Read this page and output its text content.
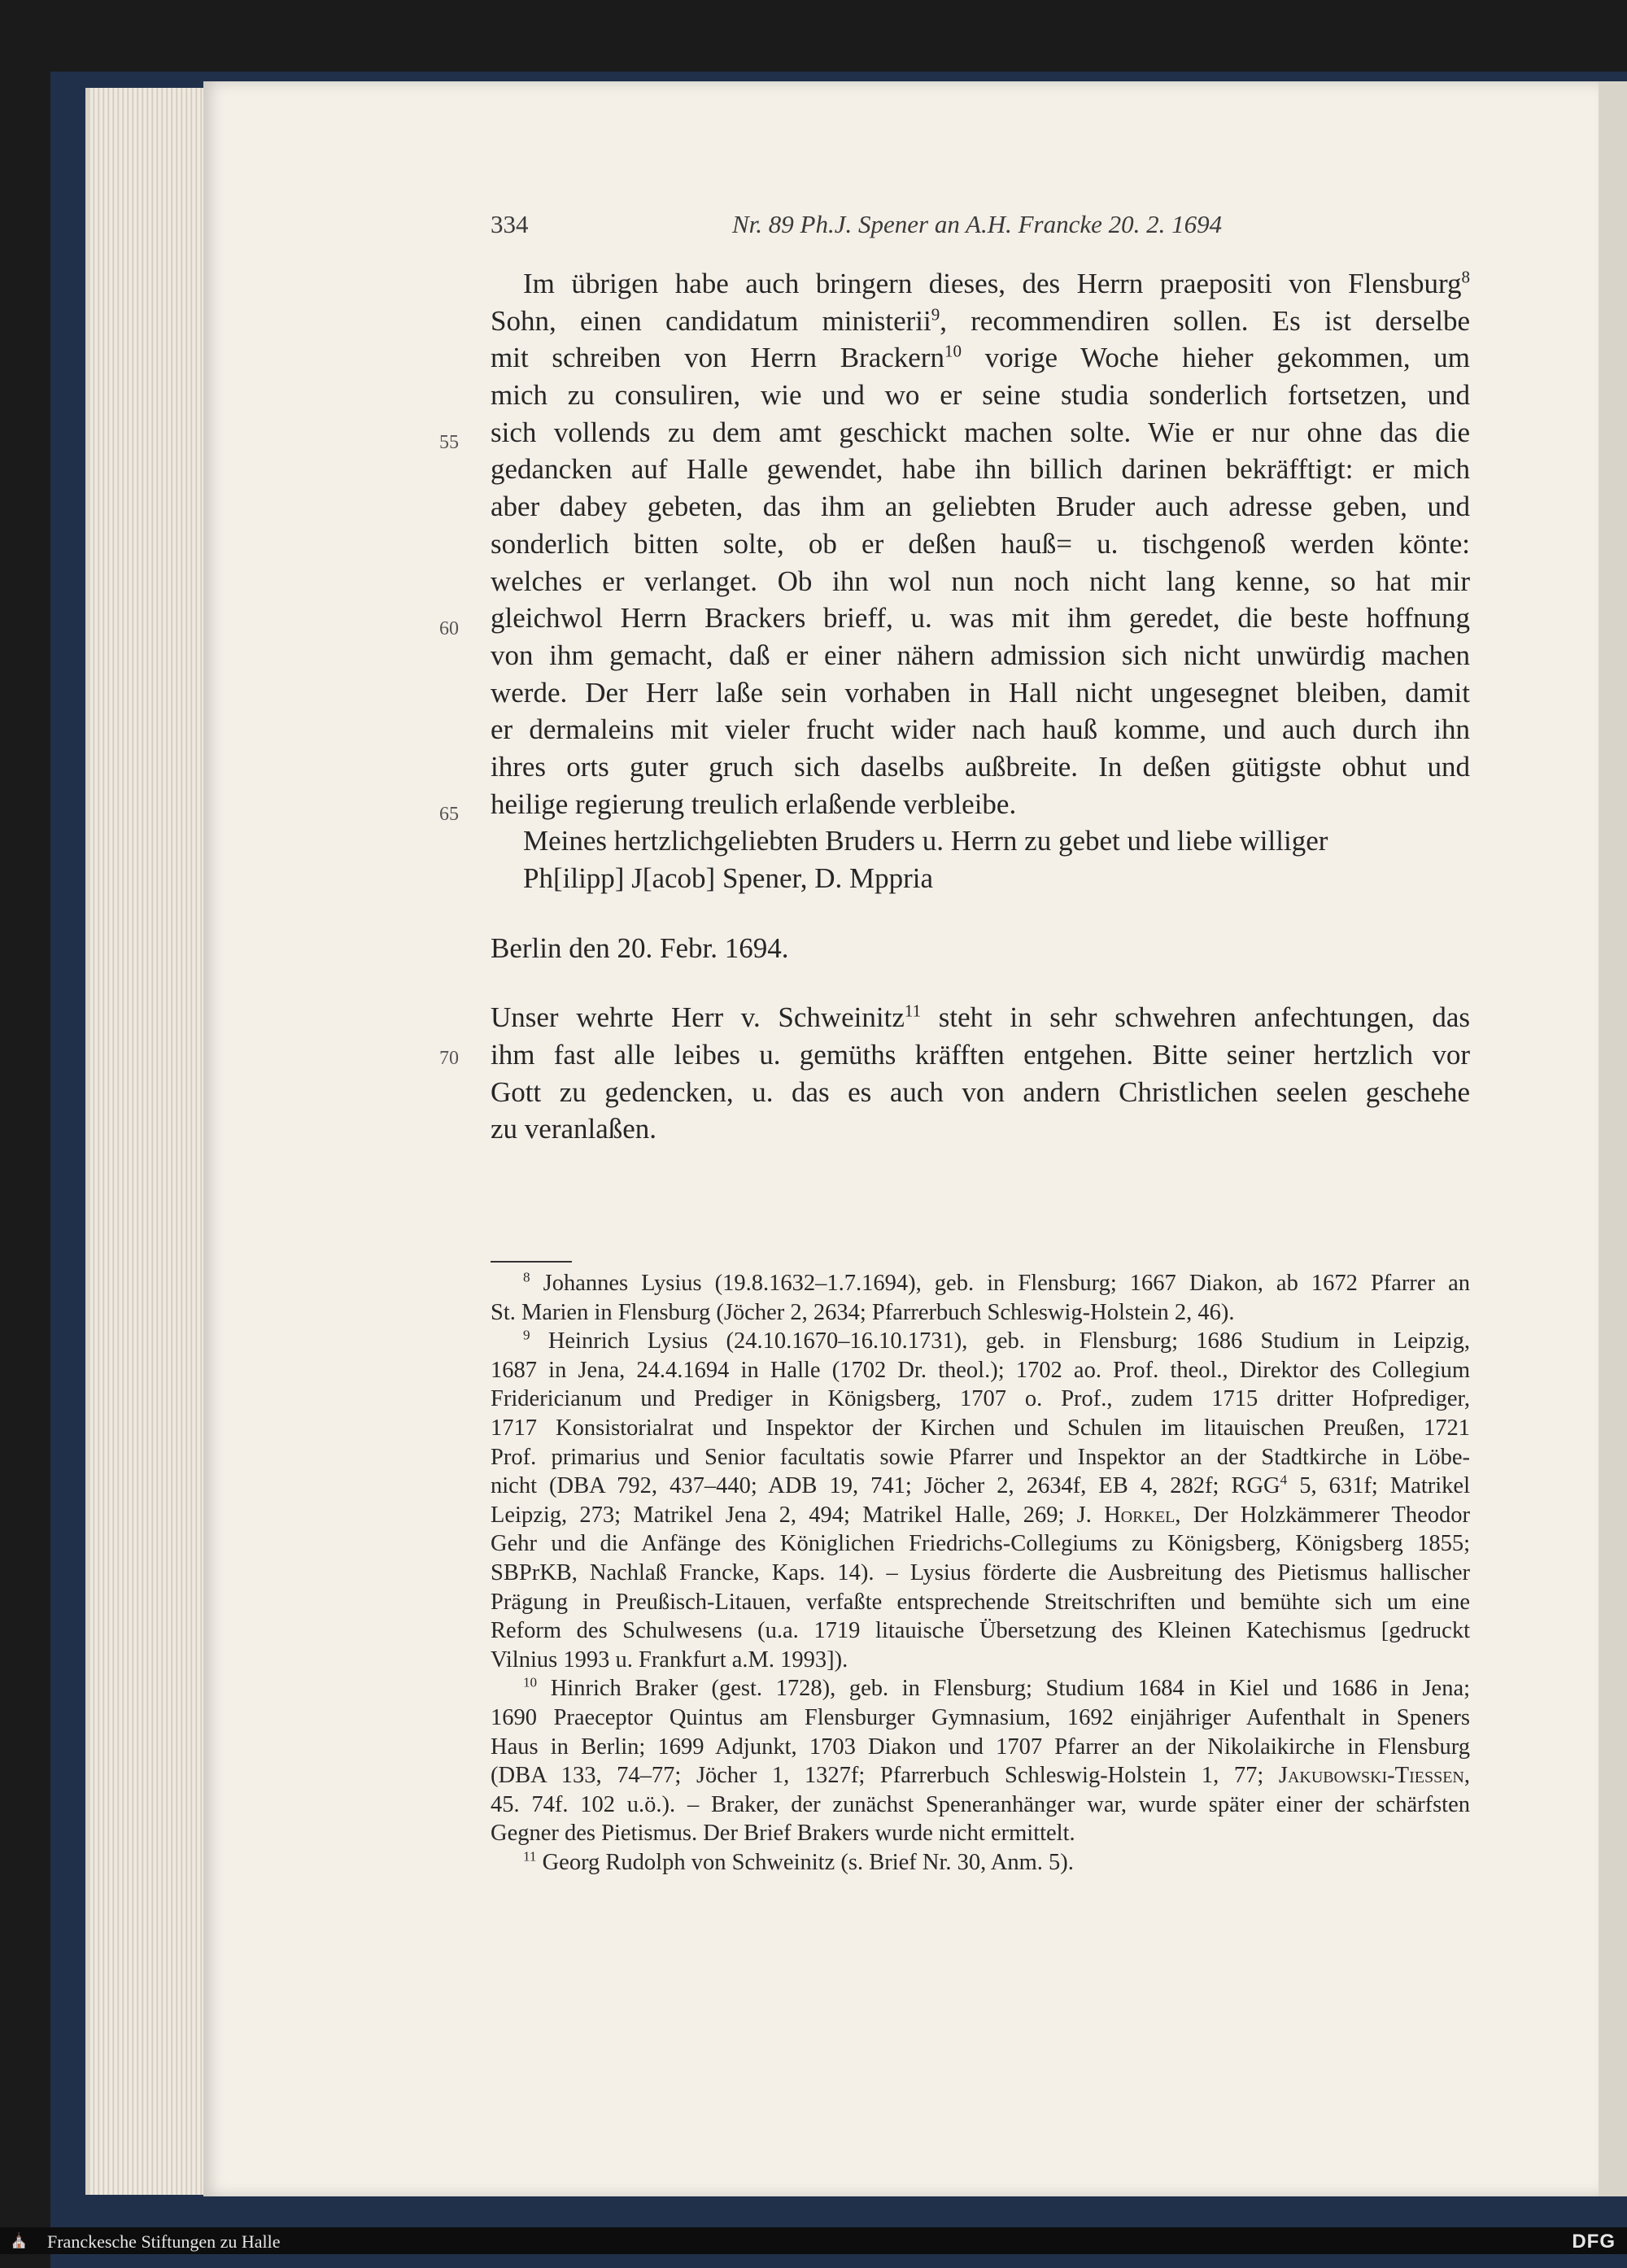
334	Nr. 89 Ph.J. Spener an A.H. Francke 20. 2. 1694
55
60
65
70
Im übrigen habe auch bringern dieses, des Herrn praepositi von Flensburg$^8$
Sohn, einen candidatum ministerii$^9$, recommendiren sollen. Es ist derselbe
mit schreiben von Herrn Brackern$^{10}$ vorige Woche hieher gekommen, um
mich zu consuliren, wie und wo er seine studia sonderlich fortsetzen, und
sich vollends zu dem amt geschickt machen solte. Wie er nur ohne das die
gedancken auf Halle gewendet, habe ihn billich darinen bekräfftigt: er mich
aber dabey gebeten, das ihm an geliebten Bruder auch adresse geben, und
sonderlich bitten solte, ob er deßen hauß= u. tischgenoß werden könte:
welches er verlanget. Ob ihn wol nun noch nicht lang kenne, so hat mir
gleichwol Herrn Brackers brieff, u. was mit ihm geredet, die beste hoffnung
von ihm gemacht, daß er einer nähern admission sich nicht unwürdig machen
werde. Der Herr laße sein vorhaben in Hall nicht ungesegnet bleiben, damit
er dermaleins mit vieler frucht wider nach hauß komme, und auch durch ihn
ihres orts guter gruch sich daselbs außbreite. In deßen gütigste obhut und
heilige regierung treulich erlaßende verbleibe.
Meines hertzlichgeliebten Bruders u. Herrn zu gebet und liebe williger
Ph[ilipp] J[acob] Spener, D. Mppria
Berlin den 20. Febr. 1694.
Unser wehrte Herr v. Schweinitz$^{11}$ steht in sehr schwehren anfechtungen, das
ihm fast alle leibes u. gemüths kräfften entgehen. Bitte seiner hertzlich vor
Gott zu gedencken, u. das es auch von andern Christlichen seelen geschehe
zu veranlaßen.
$^8$ Johannes Lysius (19.8.1632–1.7.1694), geb. in Flensburg; 1667 Diakon, ab 1672 Pfarrer an
St. Marien in Flensburg (Jöcher 2, 2634; Pfarrerbuch Schleswig-Holstein 2, 46).
$^9$ Heinrich Lysius (24.10.1670–16.10.1731), geb. in Flensburg; 1686 Studium in Leipzig,
1687 in Jena, 24.4.1694 in Halle (1702 Dr. theol.); 1702 ao. Prof. theol., Direktor des Collegium
Fridericianum und Prediger in Königsberg, 1707 o. Prof., zudem 1715 dritter Hofprediger,
1717 Konsistorialrat und Inspektor der Kirchen und Schulen im litauischen Preußen, 1721
Prof. primarius und Senior facultatis sowie Pfarrer und Inspektor an der Stadtkirche in Löbe-
nicht (DBA 792, 437–440; ADB 19, 741; Jöcher 2, 2634f, EB 4, 282f; RGG$^4$ 5, 631f; Matrikel
Leipzig, 273; Matrikel Jena 2, 494; Matrikel Halle, 269; J. Horkel, Der Holzkämmerer Theodor
Gehr und die Anfänge des Königlichen Friedrichs-Collegiums zu Königsberg, Königsberg 1855;
SBPrKB, Nachlaß Francke, Kaps. 14). – Lysius förderte die Ausbreitung des Pietismus hallischer
Prägung in Preußisch-Litauen, verfaßte entsprechende Streitschriften und bemühte sich um eine
Reform des Schulwesens (u.a. 1719 litauische Übersetzung des Kleinen Katechismus [gedruckt
Vilnius 1993 u. Frankfurt a.M. 1993]).
$^{10}$ Hinrich Braker (gest. 1728), geb. in Flensburg; Studium 1684 in Kiel und 1686 in Jena;
1690 Praeceptor Quintus am Flensburger Gymnasium, 1692 einjähriger Aufenthalt in Speners
Haus in Berlin; 1699 Adjunkt, 1703 Diakon und 1707 Pfarrer an der Nikolaikirche in Flensburg
(DBA 133, 74–77; Jöcher 1, 1327f; Pfarrerbuch Schleswig-Holstein 1, 77; Jakubowski-Tiessen,
45. 74f. 102 u.ö.). – Braker, der zunächst Speneranhänger war, wurde später einer der schärfsten
Gegner des Pietismus. Der Brief Brakers wurde nicht ermittelt.
$^{11}$ Georg Rudolph von Schweinitz (s. Brief Nr. 30, Anm. 5).
⛪ Franckesche Stiftungen zu Halle	DFG
